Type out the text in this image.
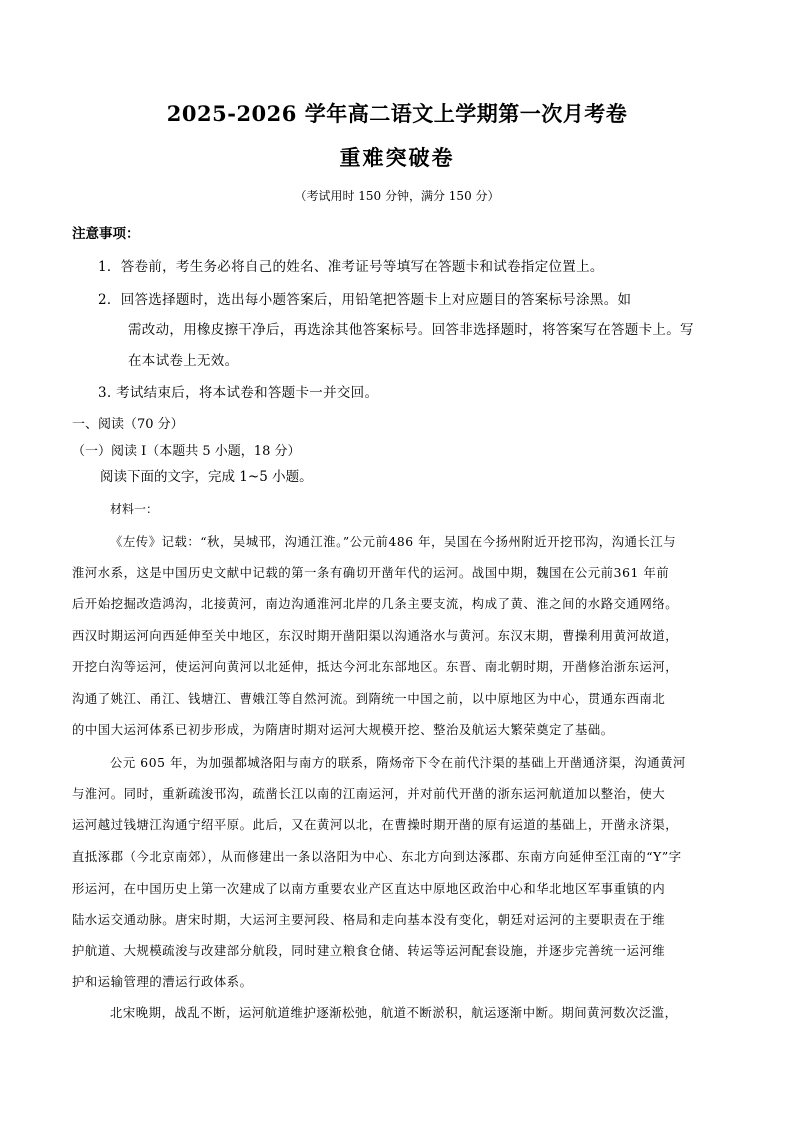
2025-2026 学年高二语文上学期第一次月考卷
重难突破卷
（考试用时 150 分钟，满分 150 分）
注意事项：
1．答卷前，考生务必将自己的姓名、准考证号等填写在答题卡和试卷指定位置上。
2．回答选择题时，选出每小题答案后，用铅笔把答题卡上对应题目的答案标号涂黑。如
需改动，用橡皮擦干净后，再选涂其他答案标号。回答非选择题时，将答案写在答题卡上。写
在本试卷上无效。
3. 考试结束后，将本试卷和答题卡一并交回。
一、阅读（70 分）
（一）阅读 I（本题共 5 小题，18 分）
阅读下面的文字，完成 1~5 小题。
材料一：
《左传》记载：“秋，吴城邗，沟通江淮。”公元前486 年，吴国在今扬州附近开挖邗沟，沟通长江与
淮河水系，这是中国历史文献中记载的第一条有确切开凿年代的运河。战国中期，魏国在公元前361 年前
后开始挖掘改造鸿沟，北接黄河，南边沟通淮河北岸的几条主要支流，构成了黄、淮之间的水路交通网络。
西汉时期运河向西延伸至关中地区，东汉时期开凿阳渠以沟通洛水与黄河。东汉末期，曹操利用黄河故道，
开挖白沟等运河，使运河向黄河以北延伸，抵达今河北东部地区。东晋、南北朝时期，开凿修治浙东运河，
沟通了姚江、甬江、钱塘江、曹娥江等自然河流。到隋统一中国之前，以中原地区为中心，贯通东西南北
的中国大运河体系已初步形成，为隋唐时期对运河大规模开挖、整治及航运大繁荣奠定了基础。
公元 605 年，为加强都城洛阳与南方的联系，隋炀帝下令在前代汴渠的基础上开凿通济渠，沟通黄河
与淮河。同时，重新疏浚邗沟，疏凿长江以南的江南运河，并对前代开凿的浙东运河航道加以整治，使大
运河越过钱塘江沟通宁绍平原。此后，又在黄河以北，在曹操时期开凿的原有运道的基础上，开凿永济渠，
直抵涿郡（今北京南郊），从而修建出一条以洛阳为中心、东北方向到达涿郡、东南方向延伸至江南的“Y”字
形运河，在中国历史上第一次建成了以南方重要农业产区直达中原地区政治中心和华北地区军事重镇的内
陆水运交通动脉。唐宋时期，大运河主要河段、格局和走向基本没有变化，朝廷对运河的主要职责在于维
护航道、大规模疏浚与改建部分航段，同时建立粮食仓储、转运等运河配套设施，并逐步完善统一运河维
护和运输管理的漕运行政体系。
北宋晚期，战乱不断，运河航道维护逐渐松弛，航道不断淤积，航运逐渐中断。期间黄河数次泛滥，
